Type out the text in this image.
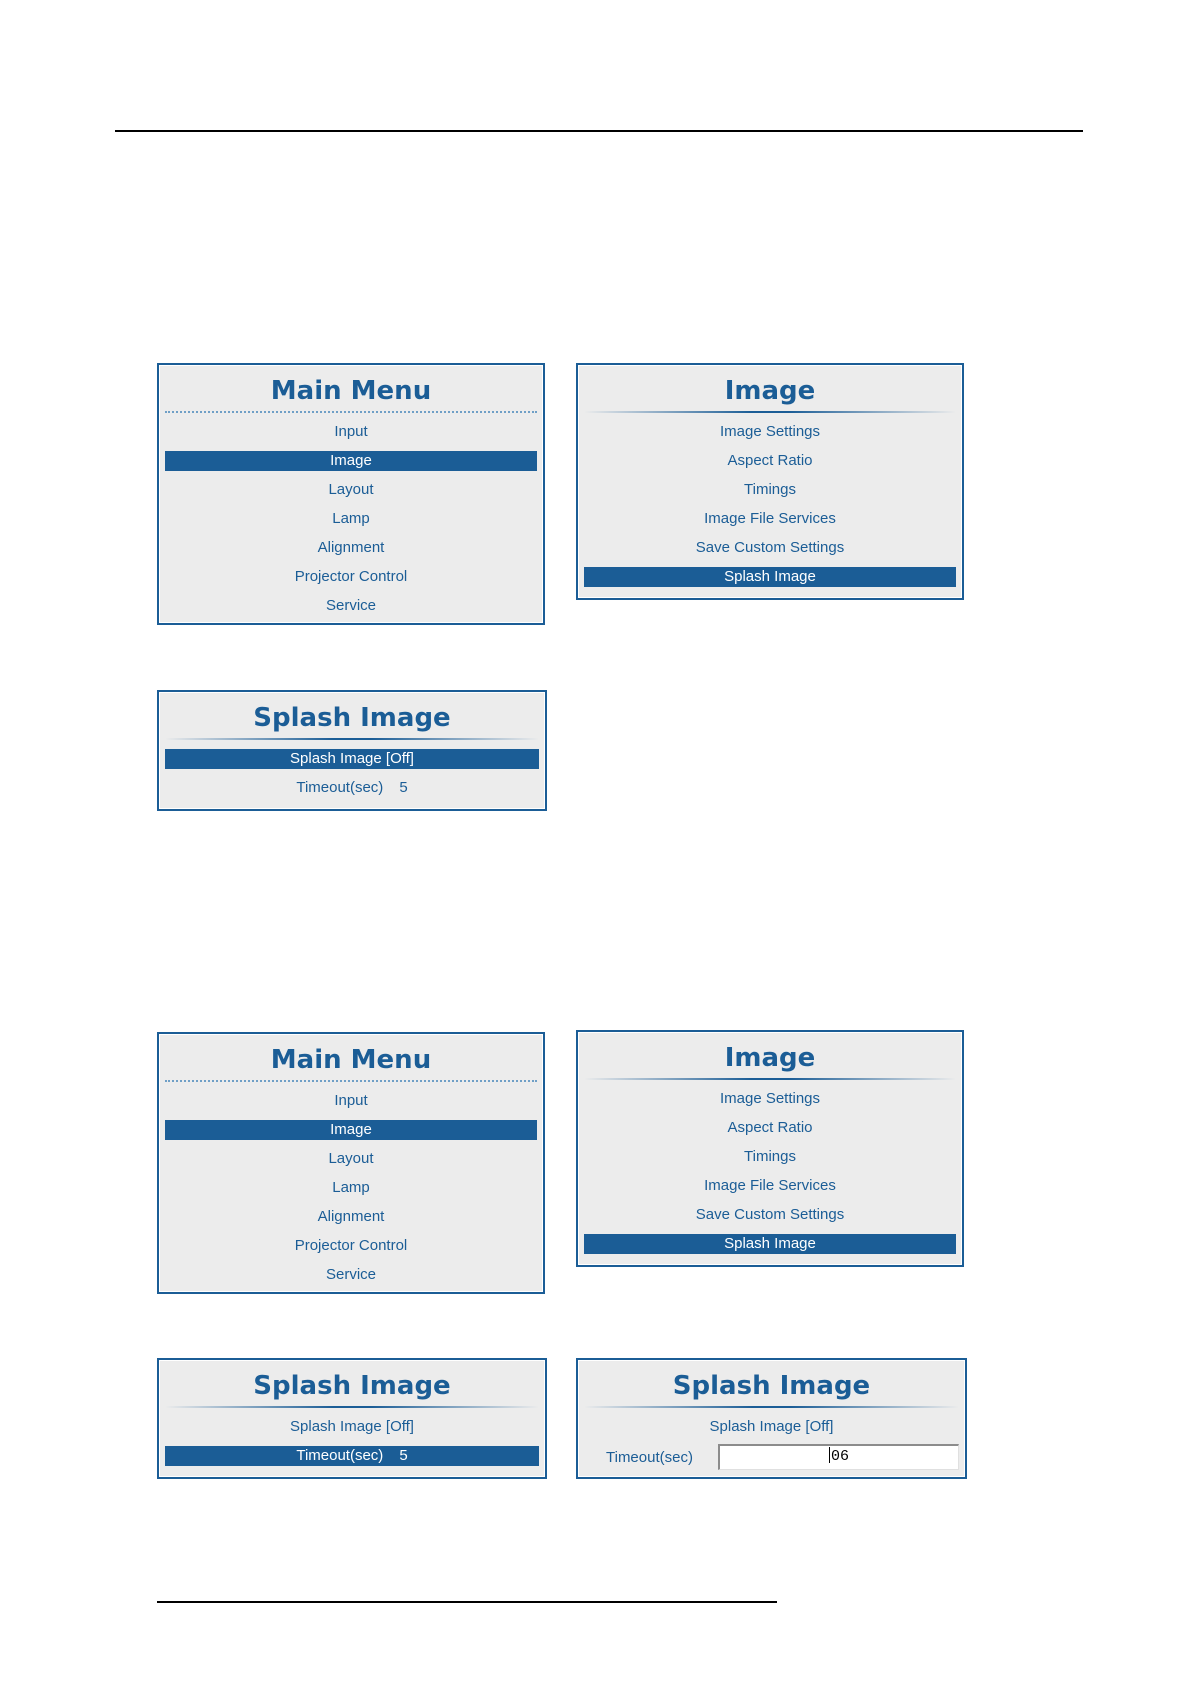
Main Menu
Input
Image
Layout
Lamp
Alignment
Projector Control
Service
Image
Image Settings
Aspect Ratio
Timings
Image File Services
Save Custom Settings
Splash Image
Splash Image
Splash Image [Off]
Timeout(sec) 5
Main Menu
Input
Image
Layout
Lamp
Alignment
Projector Control
Service
Image
Image Settings
Aspect Ratio
Timings
Image File Services
Save Custom Settings
Splash Image
Splash Image
Splash Image [Off]
Timeout(sec) 5
Splash Image
Splash Image [Off]
Timeout(sec)	06
